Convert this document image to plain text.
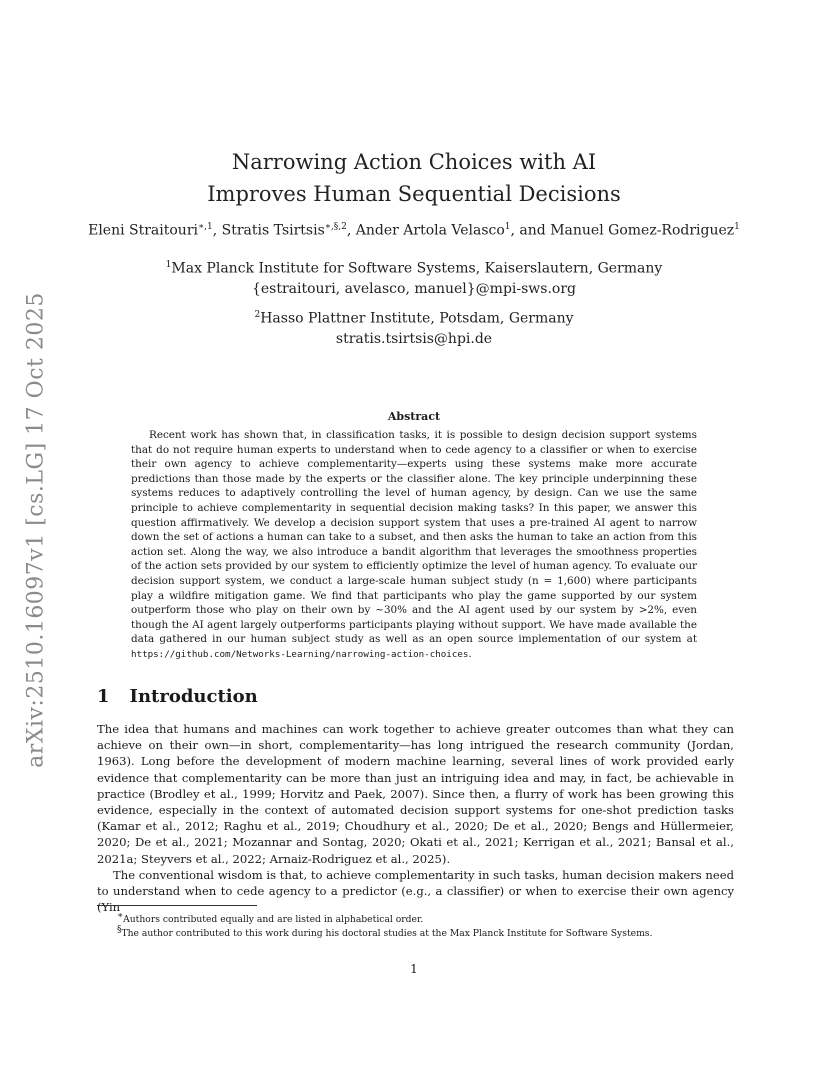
arXiv:2510.16097v1 [cs.LG] 17 Oct 2025
Narrowing Action Choices with AI
Improves Human Sequential Decisions
Eleni Straitouri$^{∗,1}$, Stratis Tsirtsis$^{∗,\S,2}$, Ander Artola Velasco$^1$, and Manuel Gomez-Rodriguez$^1$
$^1$Max Planck Institute for Software Systems, Kaiserslautern, Germany
{estraitouri, avelasco, manuel}@mpi-sws.org
$^2$Hasso Plattner Institute, Potsdam, Germany
stratis.tsirtsis@hpi.de
Abstract

Recent work has shown that, in classification tasks, it is possible to design decision support systems that do not require human experts to understand when to cede agency to a classifier or when to exercise their own agency to achieve complementarity—experts using these systems make more accurate predictions than those made by the experts or the classifier alone. The key principle underpinning these systems reduces to adaptively controlling the level of human agency, by design. Can we use the same principle to achieve complementarity in sequential decision making tasks? In this paper, we answer this question affirmatively. We develop a decision support system that uses a pre-trained AI agent to narrow down the set of actions a human can take to a subset, and then asks the human to take an action from this action set. Along the way, we also introduce a bandit algorithm that leverages the smoothness properties of the action sets provided by our system to efficiently optimize the level of human agency. To evaluate our decision support system, we conduct a large-scale human subject study (n = 1,600) where participants play a wildfire mitigation game. We find that participants who play the game supported by our system outperform those who play on their own by ~30% and the AI agent used by our system by >2%, even though the AI agent largely outperforms participants playing without support. We have made available the data gathered in our human subject study as well as an open source implementation of our system at https://github.com/Networks-Learning/narrowing-action-choices.

1 Introduction

The idea that humans and machines can work together to achieve greater outcomes than what they can achieve on their own—in short, complementarity—has long intrigued the research community (Jordan, 1963). Long before the development of modern machine learning, several lines of work provided early evidence that complementarity can be more than just an intriguing idea and may, in fact, be achievable in practice (Brodley et al., 1999; Horvitz and Paek, 2007). Since then, a flurry of work has been growing this evidence, especially in the context of automated decision support systems for one-shot prediction tasks (Kamar et al., 2012; Raghu et al., 2019; Choudhury et al., 2020; De et al., 2020; Bengs and Hüllermeier, 2020; De et al., 2021; Mozannar and Sontag, 2020; Okati et al., 2021; Kerrigan et al., 2021; Bansal et al., 2021a; Steyvers et al., 2022; Arnaiz-Rodriguez et al., 2025).

The conventional wisdom is that, to achieve complementarity in such tasks, human decision makers need to understand when to cede agency to a predictor (e.g., a classifier) or when to exercise their own agency (Yin

∗Authors contributed equally and are listed in alphabetical order.
§The author contributed to this work during his doctoral studies at the Max Planck Institute for Software Systems.
1
